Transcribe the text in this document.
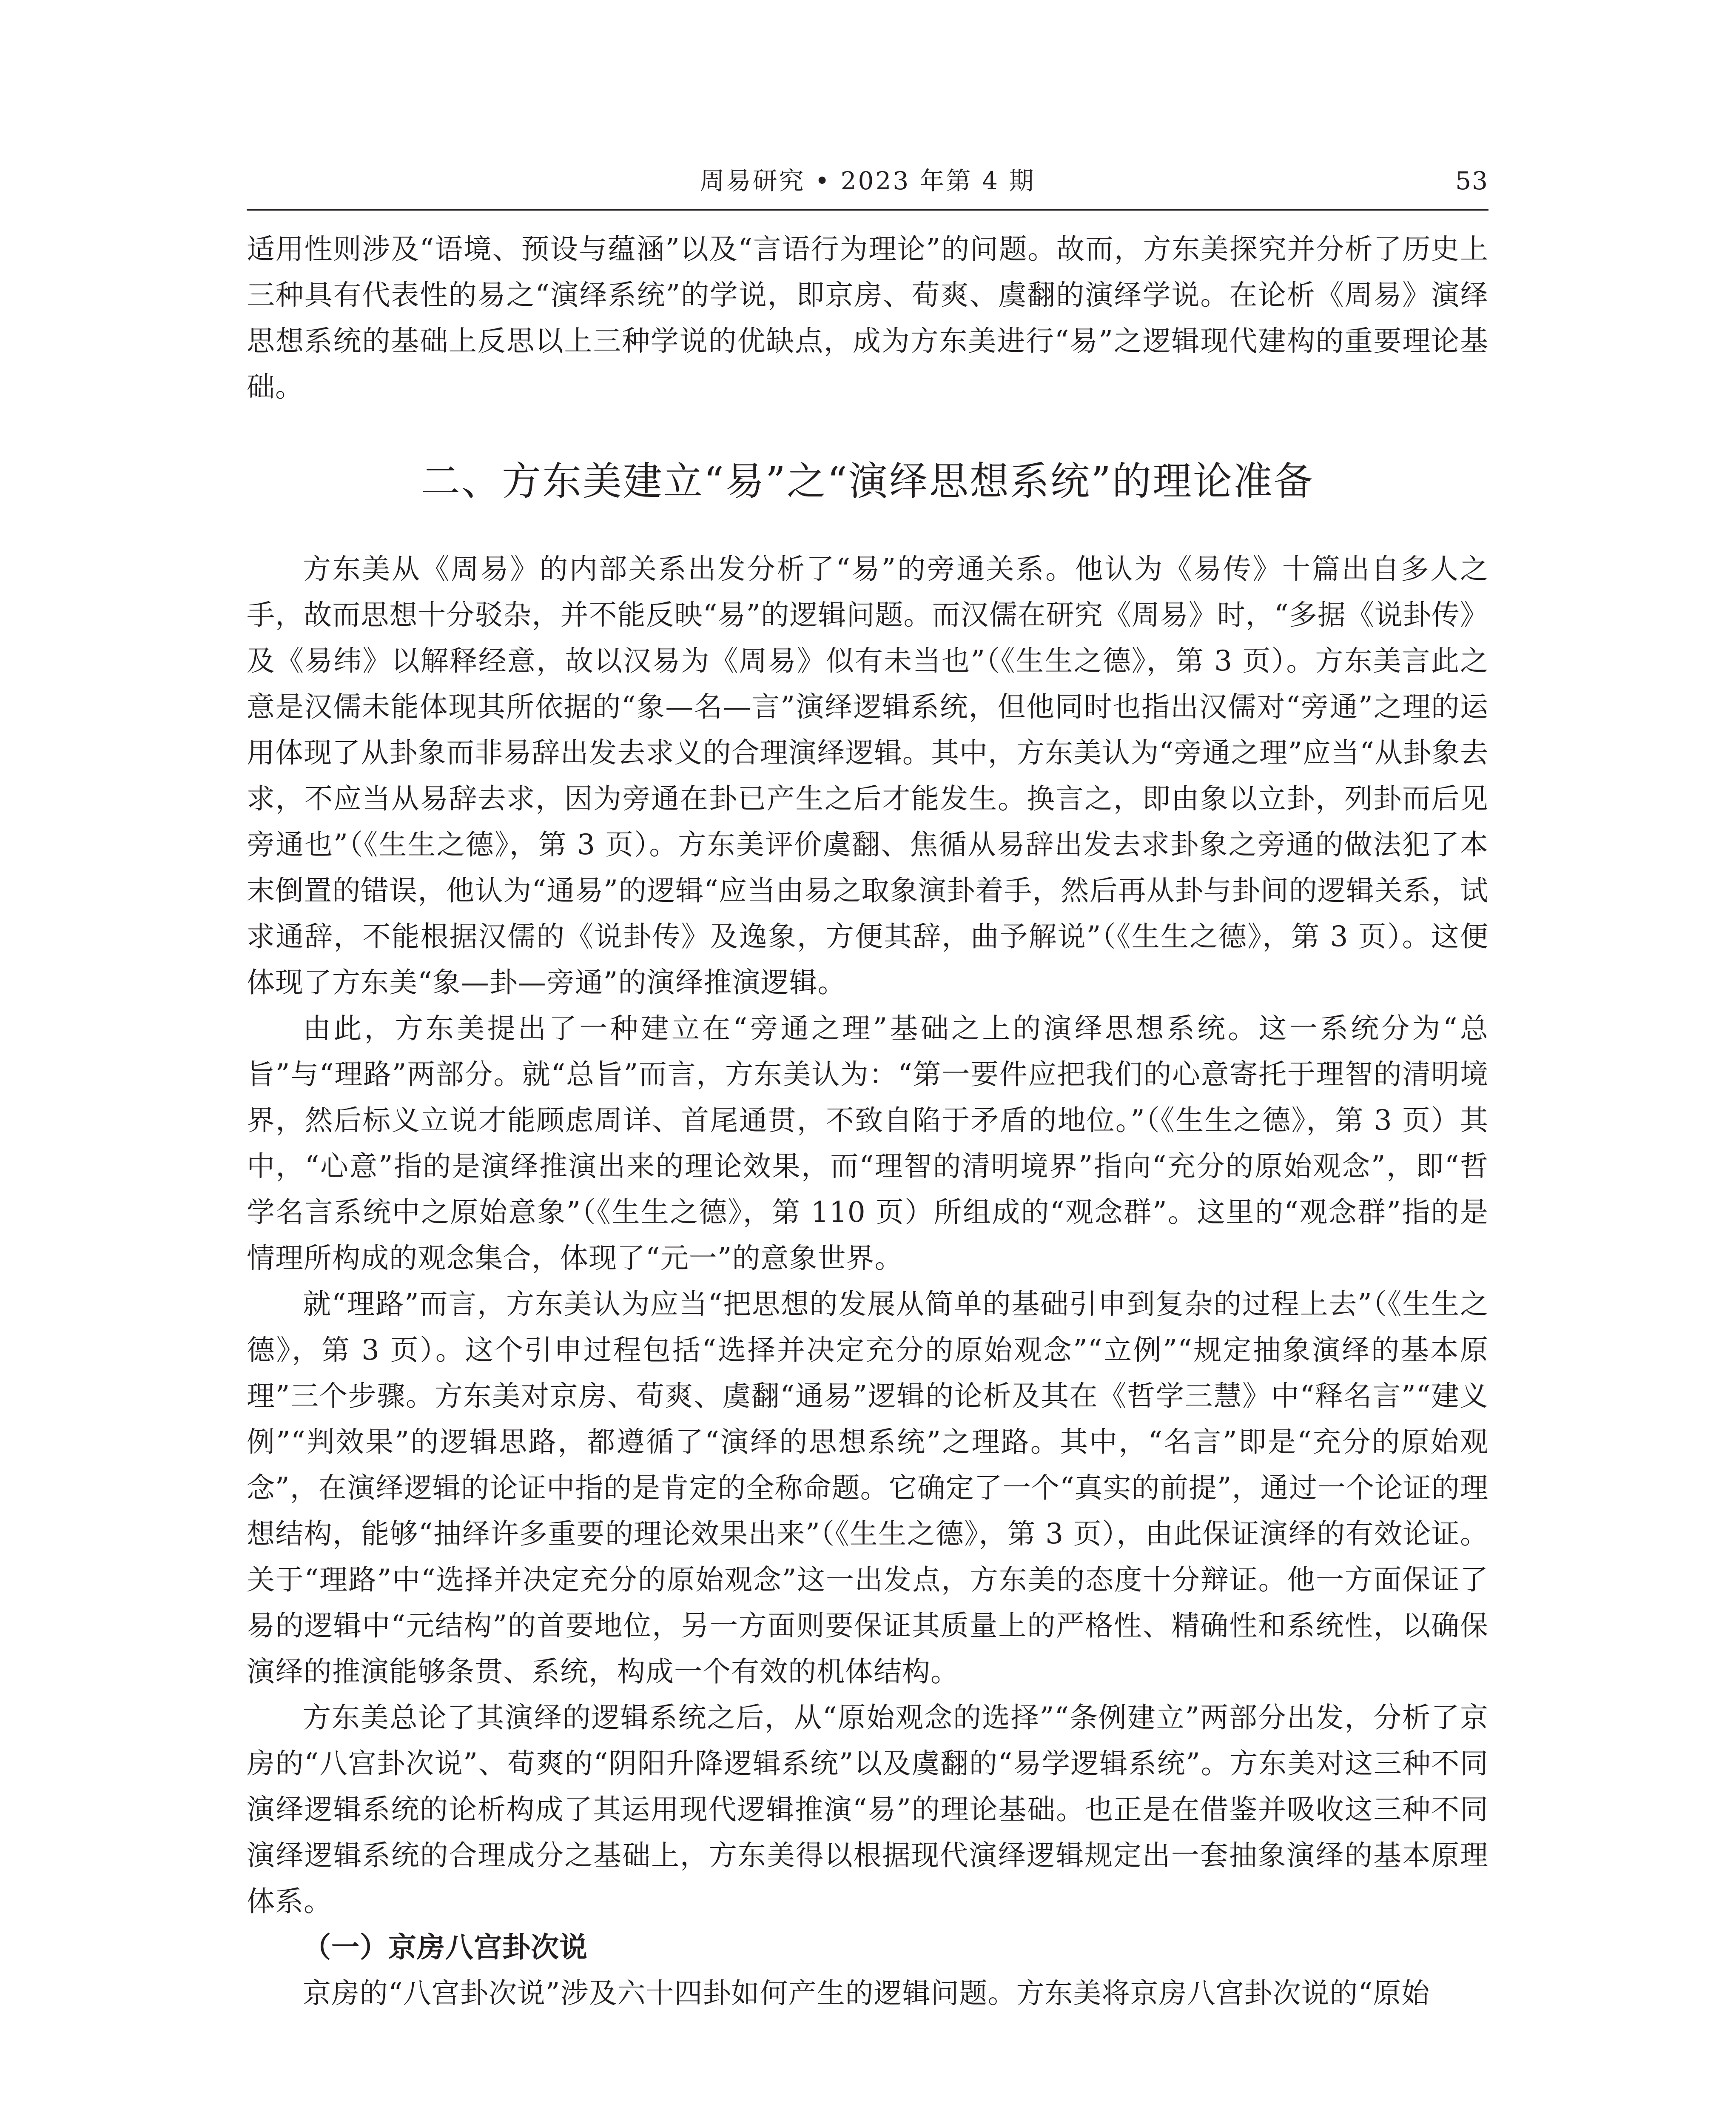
周易研究 • 2023 年第 4 期	53

适用性则涉及“语境、预设与蕴涵”以及“言语行为理论”的问题。故而，方东美探究并分析了历史上三种具有代表性的易之“演绎系统”的学说，即京房、荀爽、虞翻的演绎学说。在论析《周易》演绎思想系统的基础上反思以上三种学说的优缺点，成为方东美进行“易”之逻辑现代建构的重要理论基础。

二、方东美建立“易”之“演绎思想系统”的理论准备

方东美从《周易》的内部关系出发分析了“易”的旁通关系。他认为《易传》十篇出自多人之手，故而思想十分驳杂，并不能反映“易”的逻辑问题。而汉儒在研究《周易》时，“多据《说卦传》及《易纬》以解释经意，故以汉易为《周易》似有未当也”（《生生之德》，第 3 页）。方东美言此之意是汉儒未能体现其所依据的“象—名—言”演绎逻辑系统，但他同时也指出汉儒对“旁通”之理的运用体现了从卦象而非易辞出发去求义的合理演绎逻辑。其中，方东美认为“旁通之理”应当“从卦象去求，不应当从易辞去求，因为旁通在卦已产生之后才能发生。换言之，即由象以立卦，列卦而后见旁通也”（《生生之德》，第 3 页）。方东美评价虞翻、焦循从易辞出发去求卦象之旁通的做法犯了本末倒置的错误，他认为“通易”的逻辑“应当由易之取象演卦着手，然后再从卦与卦间的逻辑关系，试求通辞，不能根据汉儒的《说卦传》及逸象，方便其辞，曲予解说”（《生生之德》，第 3 页）。这便体现了方东美“象—卦—旁通”的演绎推演逻辑。

由此，方东美提出了一种建立在“旁通之理”基础之上的演绎思想系统。这一系统分为“总旨”与“理路”两部分。就“总旨”而言，方东美认为：“第一要件应把我们的心意寄托于理智的清明境界，然后标义立说才能顾虑周详、首尾通贯，不致自陷于矛盾的地位。”（《生生之德》，第 3 页）其中，“心意”指的是演绎推演出来的理论效果，而“理智的清明境界”指向“充分的原始观念”，即“哲学名言系统中之原始意象”（《生生之德》，第 110 页）所组成的“观念群”。这里的“观念群”指的是情理所构成的观念集合，体现了“元一”的意象世界。

就“理路”而言，方东美认为应当“把思想的发展从简单的基础引申到复杂的过程上去”（《生生之德》，第 3 页）。这个引申过程包括“选择并决定充分的原始观念”“立例”“规定抽象演绎的基本原理”三个步骤。方东美对京房、荀爽、虞翻“通易”逻辑的论析及其在《哲学三慧》中“释名言”“建义例”“判效果”的逻辑思路，都遵循了“演绎的思想系统”之理路。其中，“名言”即是“充分的原始观念”，在演绎逻辑的论证中指的是肯定的全称命题。它确定了一个“真实的前提”，通过一个论证的理想结构，能够“抽绎许多重要的理论效果出来”（《生生之德》，第 3 页），由此保证演绎的有效论证。关于“理路”中“选择并决定充分的原始观念”这一出发点，方东美的态度十分辩证。他一方面保证了易的逻辑中“元结构”的首要地位，另一方面则要保证其质量上的严格性、精确性和系统性，以确保演绎的推演能够条贯、系统，构成一个有效的机体结构。

方东美总论了其演绎的逻辑系统之后，从“原始观念的选择”“条例建立”两部分出发，分析了京房的“八宫卦次说”、荀爽的“阴阳升降逻辑系统”以及虞翻的“易学逻辑系统”。方东美对这三种不同演绎逻辑系统的论析构成了其运用现代逻辑推演“易”的理论基础。也正是在借鉴并吸收这三种不同演绎逻辑系统的合理成分之基础上，方东美得以根据现代演绎逻辑规定出一套抽象演绎的基本原理体系。

（一）京房八宫卦次说

京房的“八宫卦次说”涉及六十四卦如何产生的逻辑问题。方东美将京房八宫卦次说的“原始
